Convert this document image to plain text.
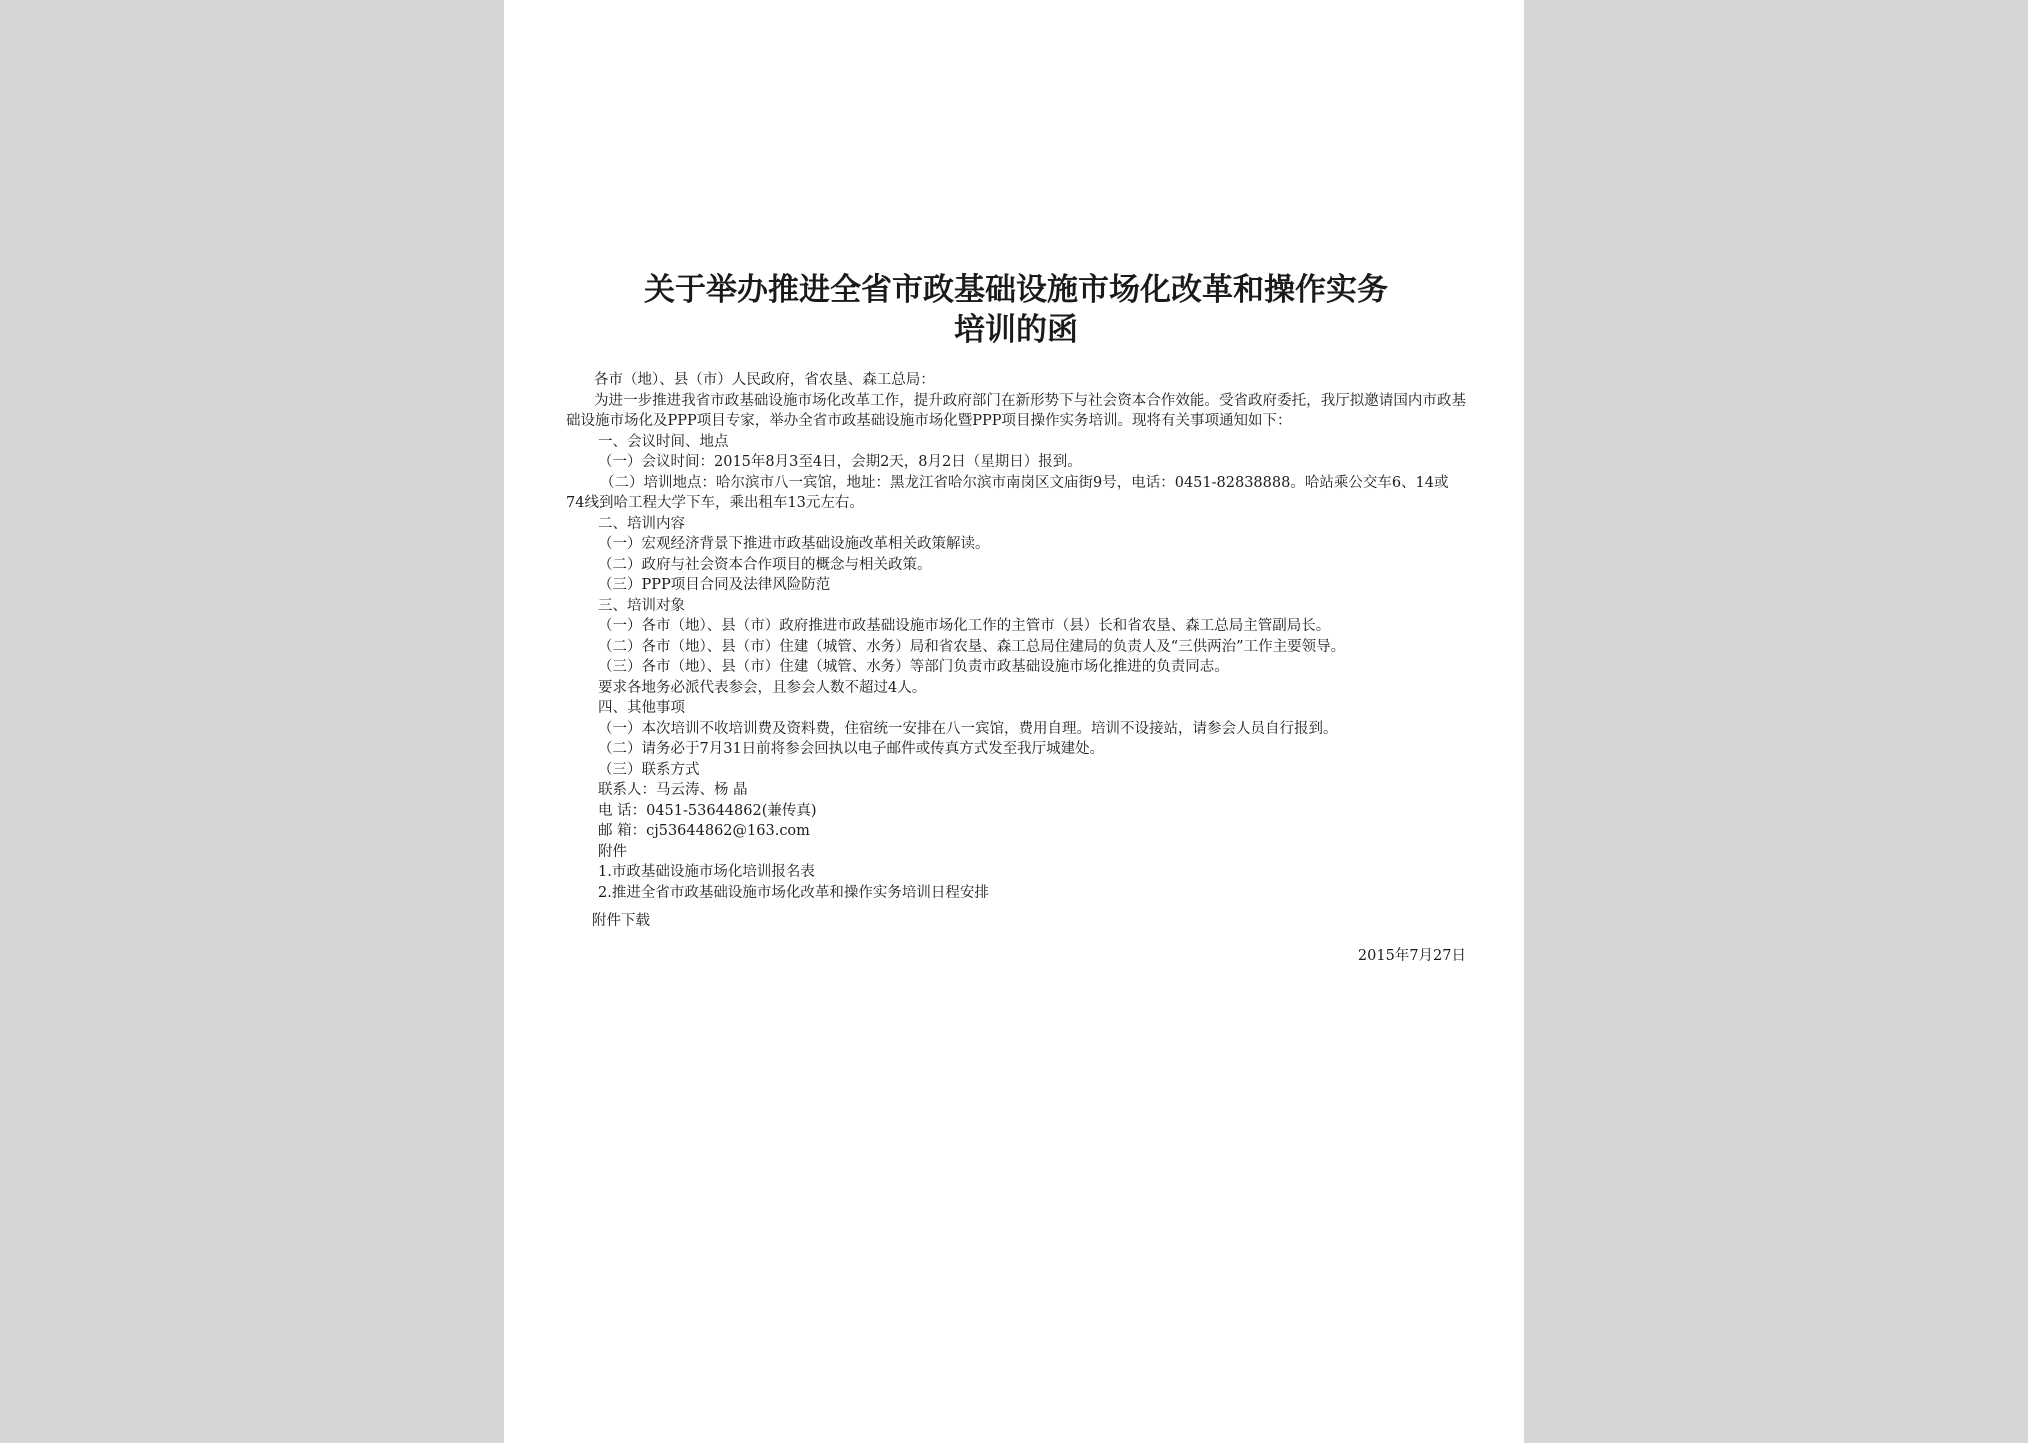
关于举办推进全省市政基础设施市场化改革和操作实务
培训的函

各市（地）、县（市）人民政府，省农垦、森工总局：

为进一步推进我省市政基础设施市场化改革工作，提升政府部门在新形势下与社会资本合作效能。受省政府委托，我厅拟邀请国内市政基础设施市场化及PPP项目专家，举办全省市政基础设施市场化暨PPP项目操作实务培训。现将有关事项通知如下：

一、会议时间、地点

（一）会议时间：2015年8月3至4日，会期2天，8月2日（星期日）报到。

（二）培训地点：哈尔滨市八一宾馆，地址：黑龙江省哈尔滨市南岗区文庙街9号，电话：0451-82838888。哈站乘公交车6、14或74线到哈工程大学下车，乘出租车13元左右。

二、培训内容

（一）宏观经济背景下推进市政基础设施改革相关政策解读。

（二）政府与社会资本合作项目的概念与相关政策。

（三）PPP项目合同及法律风险防范

三、培训对象

（一）各市（地）、县（市）政府推进市政基础设施市场化工作的主管市（县）长和省农垦、森工总局主管副局长。

（二）各市（地）、县（市）住建（城管、水务）局和省农垦、森工总局住建局的负责人及“三供两治”工作主要领导。

（三）各市（地）、县（市）住建（城管、水务）等部门负责市政基础设施市场化推进的负责同志。

要求各地务必派代表参会，且参会人数不超过4人。

四、其他事项

（一）本次培训不收培训费及资料费，住宿统一安排在八一宾馆，费用自理。培训不设接站，请参会人员自行报到。

（二）请务必于7月31日前将参会回执以电子邮件或传真方式发至我厅城建处。

（三）联系方式

联系人：马云涛、杨 晶

电 话：0451-53644862(兼传真)

邮 箱：cj53644862@163.com

附件

1.市政基础设施市场化培训报名表

2.推进全省市政基础设施市场化改革和操作实务培训日程安排

附件下载

2015年7月27日
